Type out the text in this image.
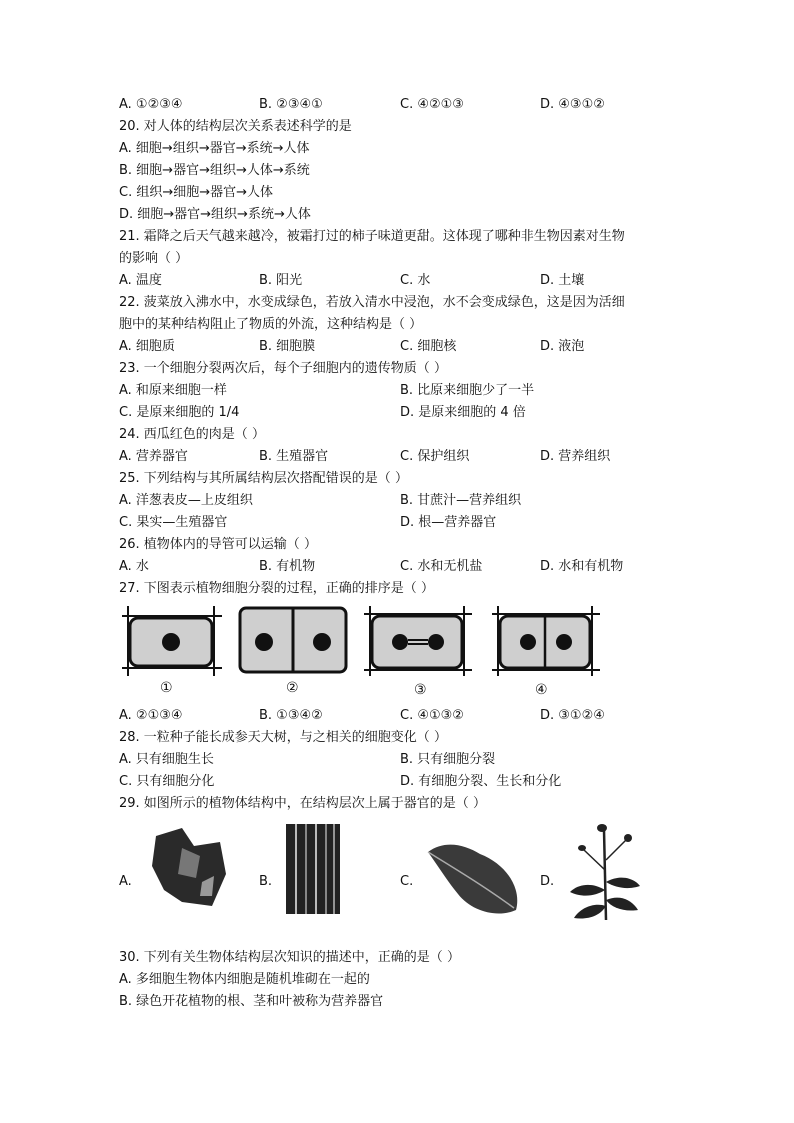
A. ①②③④	B. ②③④①	C. ④②①③	D. ④③①②
20. 对人体的结构层次关系表述科学的是
A. 细胞→组织→器官→系统→人体
B. 细胞→器官→组织→人体→系统
C. 组织→细胞→器官→人体
D. 细胞→器官→组织→系统→人体
21. 霜降之后天气越来越冷，被霜打过的柿子味道更甜。这体现了哪种非生物因素对生物
的影响（ ）
A. 温度	B. 阳光	C. 水	D. 土壤
22. 菠菜放入沸水中，水变成绿色，若放入清水中浸泡，水不会变成绿色，这是因为活细
胞中的某种结构阻止了物质的外流，这种结构是（ ）
A. 细胞质	B. 细胞膜	C. 细胞核	D. 液泡
23. 一个细胞分裂两次后，每个子细胞内的遗传物质（ ）
A. 和原来细胞一样	B. 比原来细胞少了一半
C. 是原来细胞的 1/4	D. 是原来细胞的 4 倍
24. 西瓜红色的肉是（ ）
A. 营养器官	B. 生殖器官	C. 保护组织	D. 营养组织
25. 下列结构与其所属结构层次搭配错误的是（ ）
A. 洋葱表皮—上皮组织	B. 甘蔗汁—营养组织
C. 果实—生殖器官	D. 根—营养器官
26. 植物体内的导管可以运输（ ）
A. 水	B. 有机物	C. 水和无机盐	D. 水和有机物
27. 下图表示植物细胞分裂的过程，正确的排序是（ ）
①	②	③	④
A. ②①③④	B. ①③④②	C. ④①③②	D. ③①②④
28. 一粒种子能长成参天大树，与之相关的细胞变化（ ）
A. 只有细胞生长	B. 只有细胞分裂
C. 只有细胞分化	D. 有细胞分裂、生长和分化
29. 如图所示的植物体结构中，在结构层次上属于器官的是（ ）
A.	B.	C.	D.
30. 下列有关生物体结构层次知识的描述中，正确的是（ ）
A. 多细胞生物体内细胞是随机堆砌在一起的
B. 绿色开花植物的根、茎和叶被称为营养器官
